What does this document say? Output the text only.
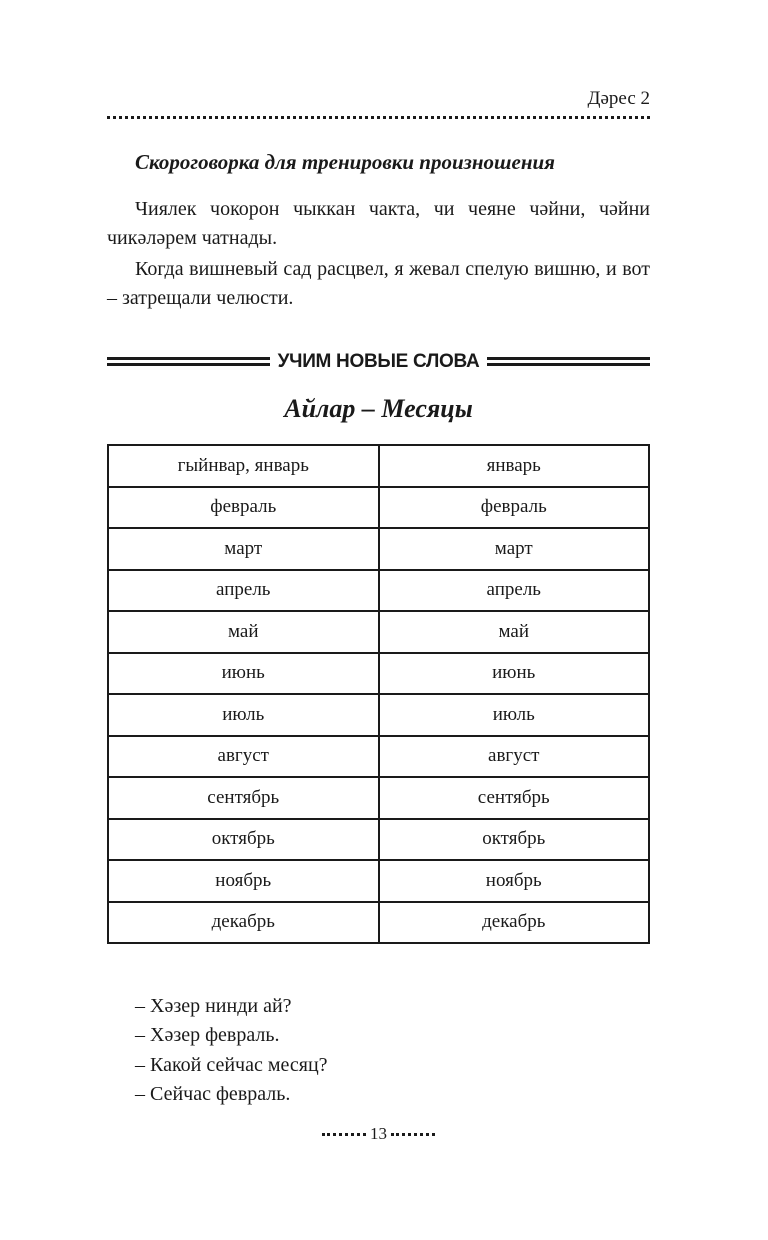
Дәрес 2
Скороговорка для тренировки произношения

Чиялек чокорон чыккан чакта, чи чеяне чәйни, чәйни чикәләрем чатнады.

Когда вишневый сад расцвел, я жевал спелую вишню, и вот – затрещали челюсти.

УЧИМ НОВЫЕ СЛОВА
Айлар – Месяцы
гыйнвар, январь	январь
февраль	февраль
март	март
апрель	апрель
май	май
июнь	июнь
июль	июль
август	август
сентябрь	сентябрь
октябрь	октябрь
ноябрь	ноябрь
декабрь	декабрь
– Хәзер нинди ай?
– Хәзер февраль.
– Какой сейчас месяц?
– Сейчас февраль.
13
